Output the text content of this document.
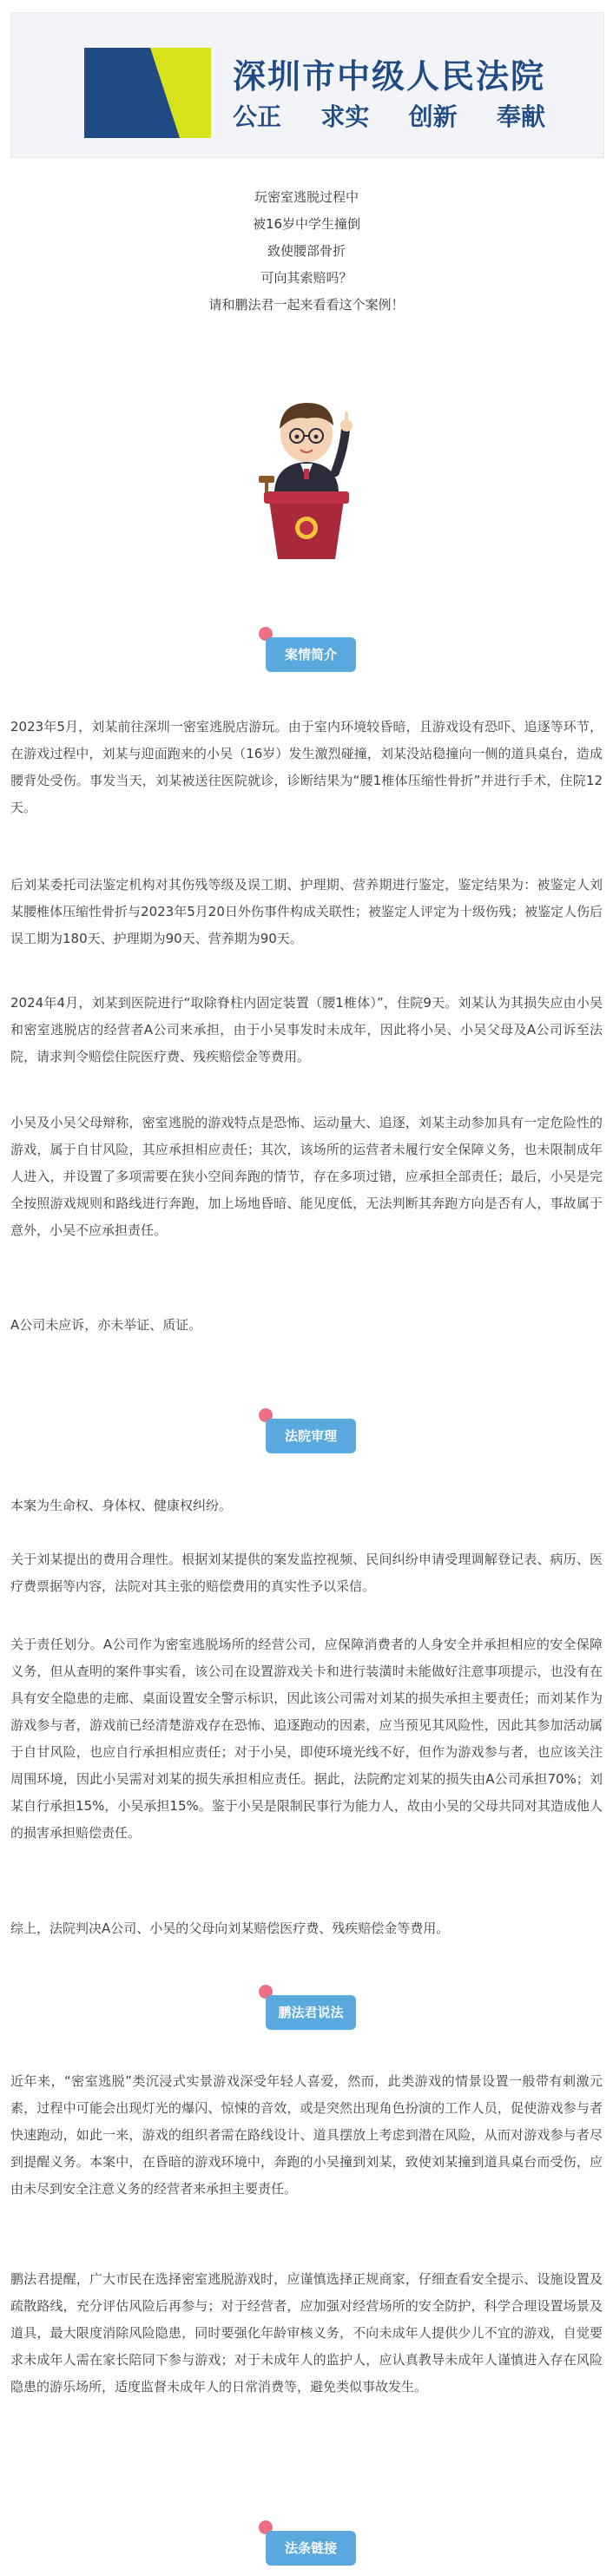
深圳市中级人民法院
公正 求实 创新 奉献
玩密室逃脱过程中
被16岁中学生撞倒
致使腰部骨折
可向其索赔吗？
请和鹏法君一起来看看这个案例！
案情简介

2023年5月，刘某前往深圳一密室逃脱店游玩。由于室内环境较昏暗，且游戏设有恐吓、追逐等环节，在游戏过程中，刘某与迎面跑来的小吴（16岁）发生激烈碰撞，刘某没站稳撞向一侧的道具桌台，造成腰背处受伤。事发当天，刘某被送往医院就诊，诊断结果为“腰1椎体压缩性骨折”并进行手术，住院12天。

后刘某委托司法鉴定机构对其伤残等级及误工期、护理期、营养期进行鉴定，鉴定结果为：被鉴定人刘某腰椎体压缩性骨折与2023年5月20日外伤事件构成关联性；被鉴定人评定为十级伤残；被鉴定人伤后误工期为180天、护理期为90天、营养期为90天。

2024年4月，刘某到医院进行“取除脊柱内固定装置（腰1椎体）”，住院9天。刘某认为其损失应由小吴和密室逃脱店的经营者A公司来承担，由于小吴事发时未成年，因此将小吴、小吴父母及A公司诉至法院，请求判令赔偿住院医疗费、残疾赔偿金等费用。

小吴及小吴父母辩称，密室逃脱的游戏特点是恐怖、运动量大、追逐，刘某主动参加具有一定危险性的游戏，属于自甘风险，其应承担相应责任；其次，该场所的运营者未履行安全保障义务，也未限制成年人进入，并设置了多项需要在狭小空间奔跑的情节，存在多项过错，应承担全部责任；最后，小吴是完全按照游戏规则和路线进行奔跑，加上场地昏暗、能见度低，无法判断其奔跑方向是否有人，事故属于意外，小吴不应承担责任。

A公司未应诉，亦未举证、质证。

法院审理

本案为生命权、身体权、健康权纠纷。

关于刘某提出的费用合理性。根据刘某提供的案发监控视频、民间纠纷申请受理调解登记表、病历、医疗费票据等内容，法院对其主张的赔偿费用的真实性予以采信。

关于责任划分。A公司作为密室逃脱场所的经营公司，应保障消费者的人身安全并承担相应的安全保障义务，但从查明的案件事实看，该公司在设置游戏关卡和进行装潢时未能做好注意事项提示，也没有在具有安全隐患的走廊、桌面设置安全警示标识，因此该公司需对刘某的损失承担主要责任；而刘某作为游戏参与者，游戏前已经清楚游戏存在恐怖、追逐跑动的因素，应当预见其风险性，因此其参加活动属于自甘风险，也应自行承担相应责任；对于小吴，即使环境光线不好，但作为游戏参与者，也应该关注周围环境，因此小吴需对刘某的损失承担相应责任。据此，法院酌定刘某的损失由A公司承担70%；刘某自行承担15%，小吴承担15%。鉴于小吴是限制民事行为能力人，故由小吴的父母共同对其造成他人的损害承担赔偿责任。

综上，法院判决A公司、小吴的父母向刘某赔偿医疗费、残疾赔偿金等费用。

鹏法君说法

近年来，“密室逃脱”类沉浸式实景游戏深受年轻人喜爱，然而，此类游戏的情景设置一般带有刺激元素，过程中可能会出现灯光的爆闪、惊悚的音效，或是突然出现角色扮演的工作人员，促使游戏参与者快速跑动，如此一来，游戏的组织者需在路线设计、道具摆放上考虑到潜在风险，从而对游戏参与者尽到提醒义务。本案中，在昏暗的游戏环境中，奔跑的小吴撞到刘某，致使刘某撞到道具桌台而受伤，应由未尽到安全注意义务的经营者来承担主要责任。

鹏法君提醒，广大市民在选择密室逃脱游戏时，应谨慎选择正规商家，仔细查看安全提示、设施设置及疏散路线，充分评估风险后再参与；对于经营者，应加强对经营场所的安全防护，科学合理设置场景及道具，最大限度消除风险隐患，同时要强化年龄审核义务，不向未成年人提供少儿不宜的游戏，自觉要求未成年人需在家长陪同下参与游戏；对于未成年人的监护人，应认真教导未成年人谨慎进入存在风险隐患的游乐场所，适度监督未成年人的日常消费等，避免类似事故发生。

法条链接
